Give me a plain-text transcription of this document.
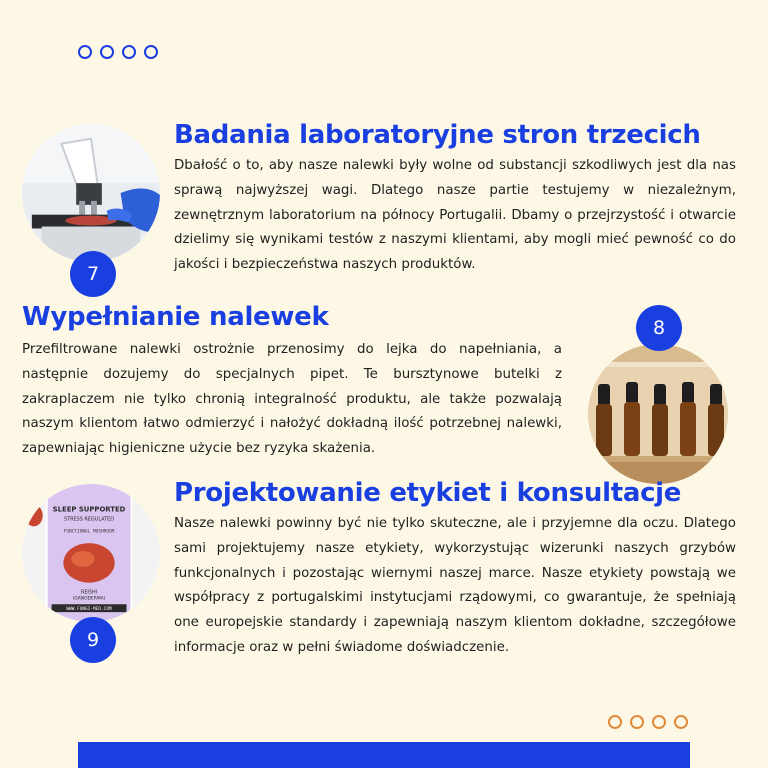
7
Badania laboratoryjne stron trzecich

Dbałość o to, aby nasze nalewki były wolne od substancji szkodliwych jest dla nas sprawą najwyższej wagi. Dlatego nasze partie testujemy w niezależnym, zewnętrznym laboratorium na północy Portugalii. Dbamy o przejrzystość i otwarcie dzielimy się wynikami testów z naszymi klientami, aby mogli mieć pewność co do jakości i bezpieczeństwa naszych produktów.

Wypełnianie nalewek

Przefiltrowane nalewki ostrożnie przenosimy do lejka do napełniania, a następnie dozujemy do specjalnych pipet. Te bursztynowe butelki z zakraplaczem nie tylko chronią integralność produktu, ale także pozwalają naszym klientom łatwo odmierzyć i nałożyć dokładną ilość potrzebnej nalewki, zapewniając higieniczne użycie bez ryzyka skażenia.

8
SLEEP SUPPORTED
STRESS REGULATED
FUNCTIONAL MUSHROOM
REISHI
(GANODERMA)
WWW.FUNGI-MED.COM
9
Projektowanie etykiet i konsultacje

Nasze nalewki powinny być nie tylko skuteczne, ale i przyjemne dla oczu. Dlatego sami projektujemy nasze etykiety, wykorzystując wizerunki naszych grzybów funkcjonalnych i pozostając wiernymi naszej marce. Nasze etykiety powstają we współpracy z portugalskimi instytucjami rządowymi, co gwarantuje, że spełniają one europejskie standardy i zapewniają naszym klientom dokładne, szczegółowe informacje oraz w pełni świadome doświadczenie.
